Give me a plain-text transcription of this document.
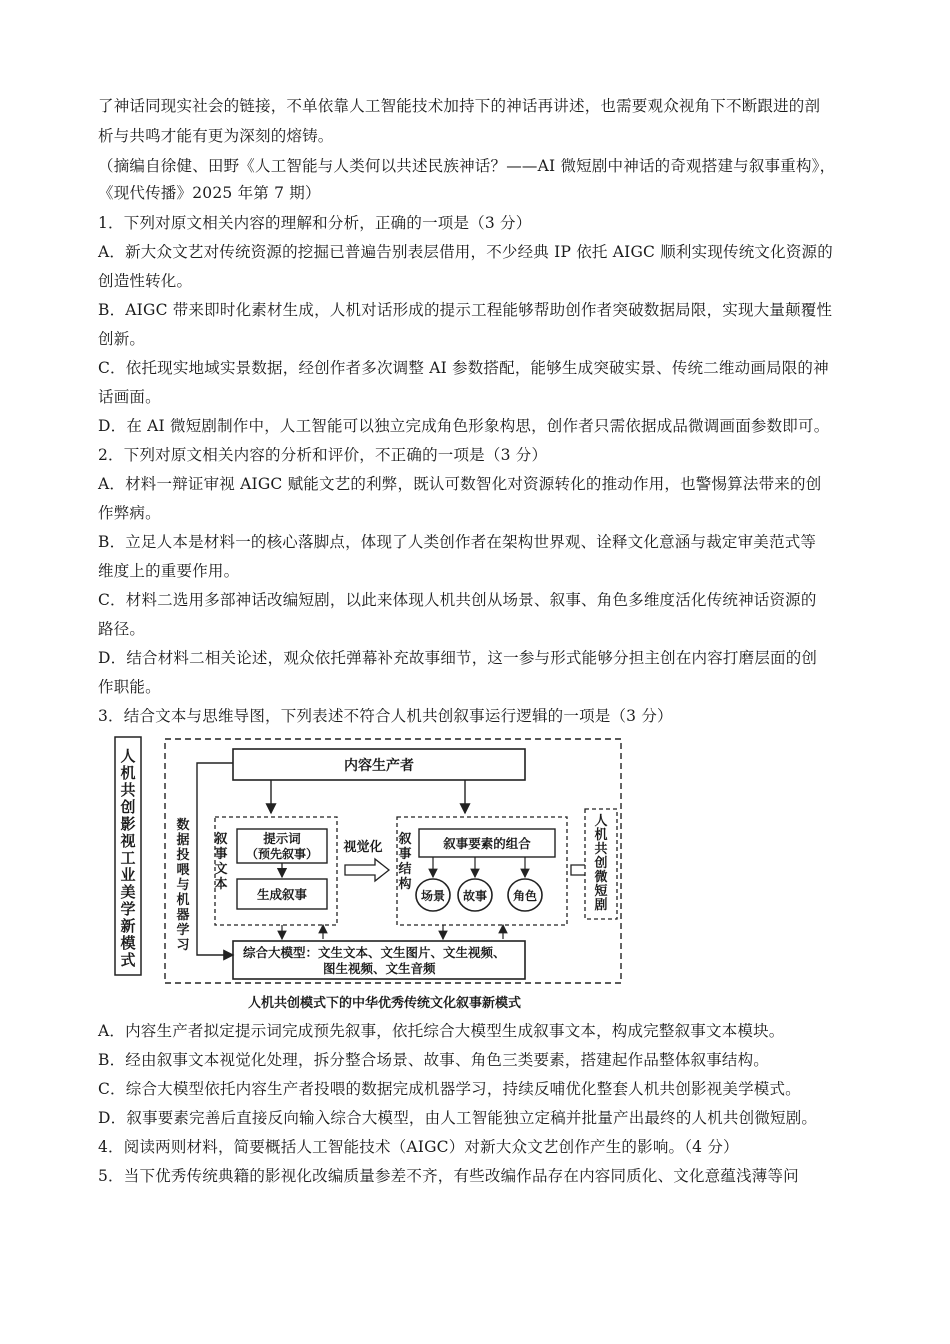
了神话同现实社会的链接，不单依靠人工智能技术加持下的神话再讲述，也需要观众视角下不断跟进的剖
析与共鸣才能有更为深刻的熔铸。
（摘编自徐健、田野《人工智能与人类何以共述民族神话？——AI 微短剧中神话的奇观搭建与叙事重构》，
《现代传播》2025 年第 7 期）
1．下列对原文相关内容的理解和分析，正确的一项是（3 分）
A．新大众文艺对传统资源的挖掘已普遍告别表层借用，不少经典 IP 依托 AIGC 顺利实现传统文化资源的
创造性转化。
B．AIGC 带来即时化素材生成，人机对话形成的提示工程能够帮助创作者突破数据局限，实现大量颠覆性
创新。
C．依托现实地域实景数据，经创作者多次调整 AI 参数搭配，能够生成突破实景、传统二维动画局限的神
话画面。
D．在 AI 微短剧制作中，人工智能可以独立完成角色形象构思，创作者只需依据成品微调画面参数即可。
2．下列对原文相关内容的分析和评价，不正确的一项是（3 分）
A．材料一辩证审视 AIGC 赋能文艺的利弊，既认可数智化对资源转化的推动作用，也警惕算法带来的创
作弊病。
B．立足人本是材料一的核心落脚点，体现了人类创作者在架构世界观、诠释文化意涵与裁定审美范式等
维度上的重要作用。
C．材料二选用多部神话改编短剧，以此来体现人机共创从场景、叙事、角色多维度活化传统神话资源的
路径。
D．结合材料二相关论述，观众依托弹幕补充故事细节，这一参与形式能够分担主创在内容打磨层面的创
作职能。
3．结合文本与思维导图，下列表述不符合人机共创叙事运行逻辑的一项是（3 分）
人
机
共
创
影
视
工
业
美
学
新
模
式
内容生产者
数
据
投
喂
与
机
器
学
习
叙
事
文
本
提示词
（预先叙事）
生成叙事
视觉化
叙
事
结
构
叙事要素的组合
场景 故事 角色
人
机
共
创
微
短
剧
综合大模型：文生文本、文生图片、文生视频、
图生视频、文生音频
人机共创模式下的中华优秀传统文化叙事新模式
A．内容生产者拟定提示词完成预先叙事，依托综合大模型生成叙事文本，构成完整叙事文本模块。
B．经由叙事文本视觉化处理，拆分整合场景、故事、角色三类要素，搭建起作品整体叙事结构。
C．综合大模型依托内容生产者投喂的数据完成机器学习，持续反哺优化整套人机共创影视美学模式。
D．叙事要素完善后直接反向输入综合大模型，由人工智能独立定稿并批量产出最终的人机共创微短剧。
4．阅读两则材料，简要概括人工智能技术（AIGC）对新大众文艺创作产生的影响。（4 分）
5．当下优秀传统典籍的影视化改编质量参差不齐，有些改编作品存在内容同质化、文化意蕴浅薄等问
